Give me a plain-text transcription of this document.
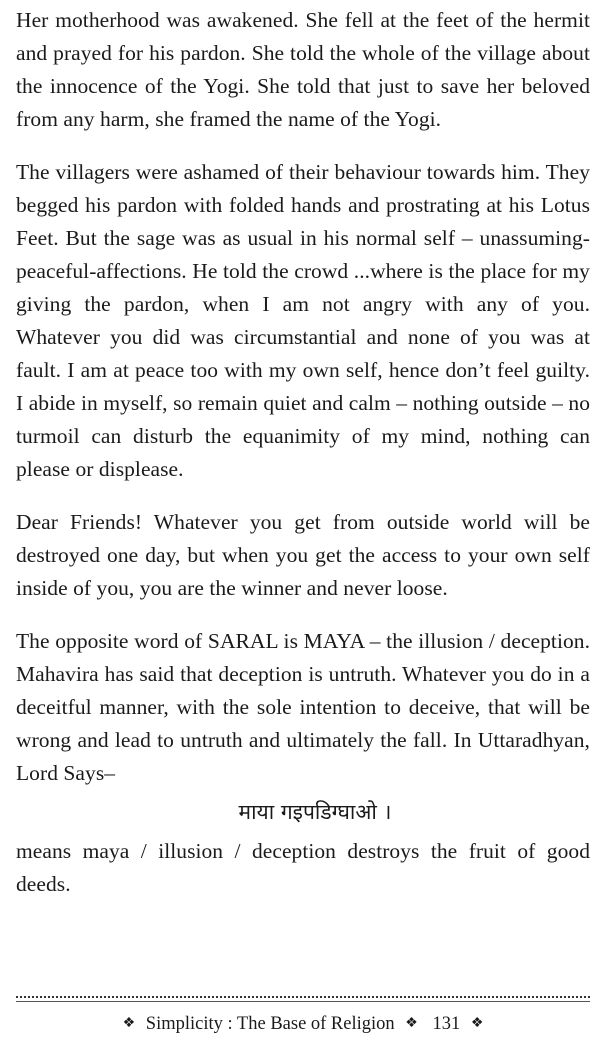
Her motherhood was awakened. She fell at the feet of the hermit and prayed for his pardon. She told the whole of the village about the innocence of the Yogi. She told that just to save her beloved from any harm, she framed the name of the Yogi.

The villagers were ashamed of their behaviour towards him. They begged his pardon with folded hands and prostrating at his Lotus Feet. But the sage was as usual in his normal self – unassuming-peaceful-affections. He told the crowd ...where is the place for my giving the pardon, when I am not angry with any of you. Whatever you did was circumstantial and none of you was at fault. I am at peace too with my own self, hence don’t feel guilty. I abide in myself, so remain quiet and calm – nothing outside – no turmoil can disturb the equanimity of my mind, nothing can please or displease.

Dear Friends! Whatever you get from outside world will be destroyed one day, but when you get the access to your own self inside of you, you are the winner and never loose.

The opposite word of SARAL is MAYA – the illusion / deception. Mahavira has said that deception is untruth. Whatever you do in a deceitful manner, with the sole intention to deceive, that will be wrong and lead to untruth and ultimately the fall. In Uttaradhyan, Lord Says–

माया गइपडिग्घाओ ।

means maya / illusion / deception destroys the fruit of good deeds.

❖ Simplicity : The Base of Religion ❖ 131 ❖
